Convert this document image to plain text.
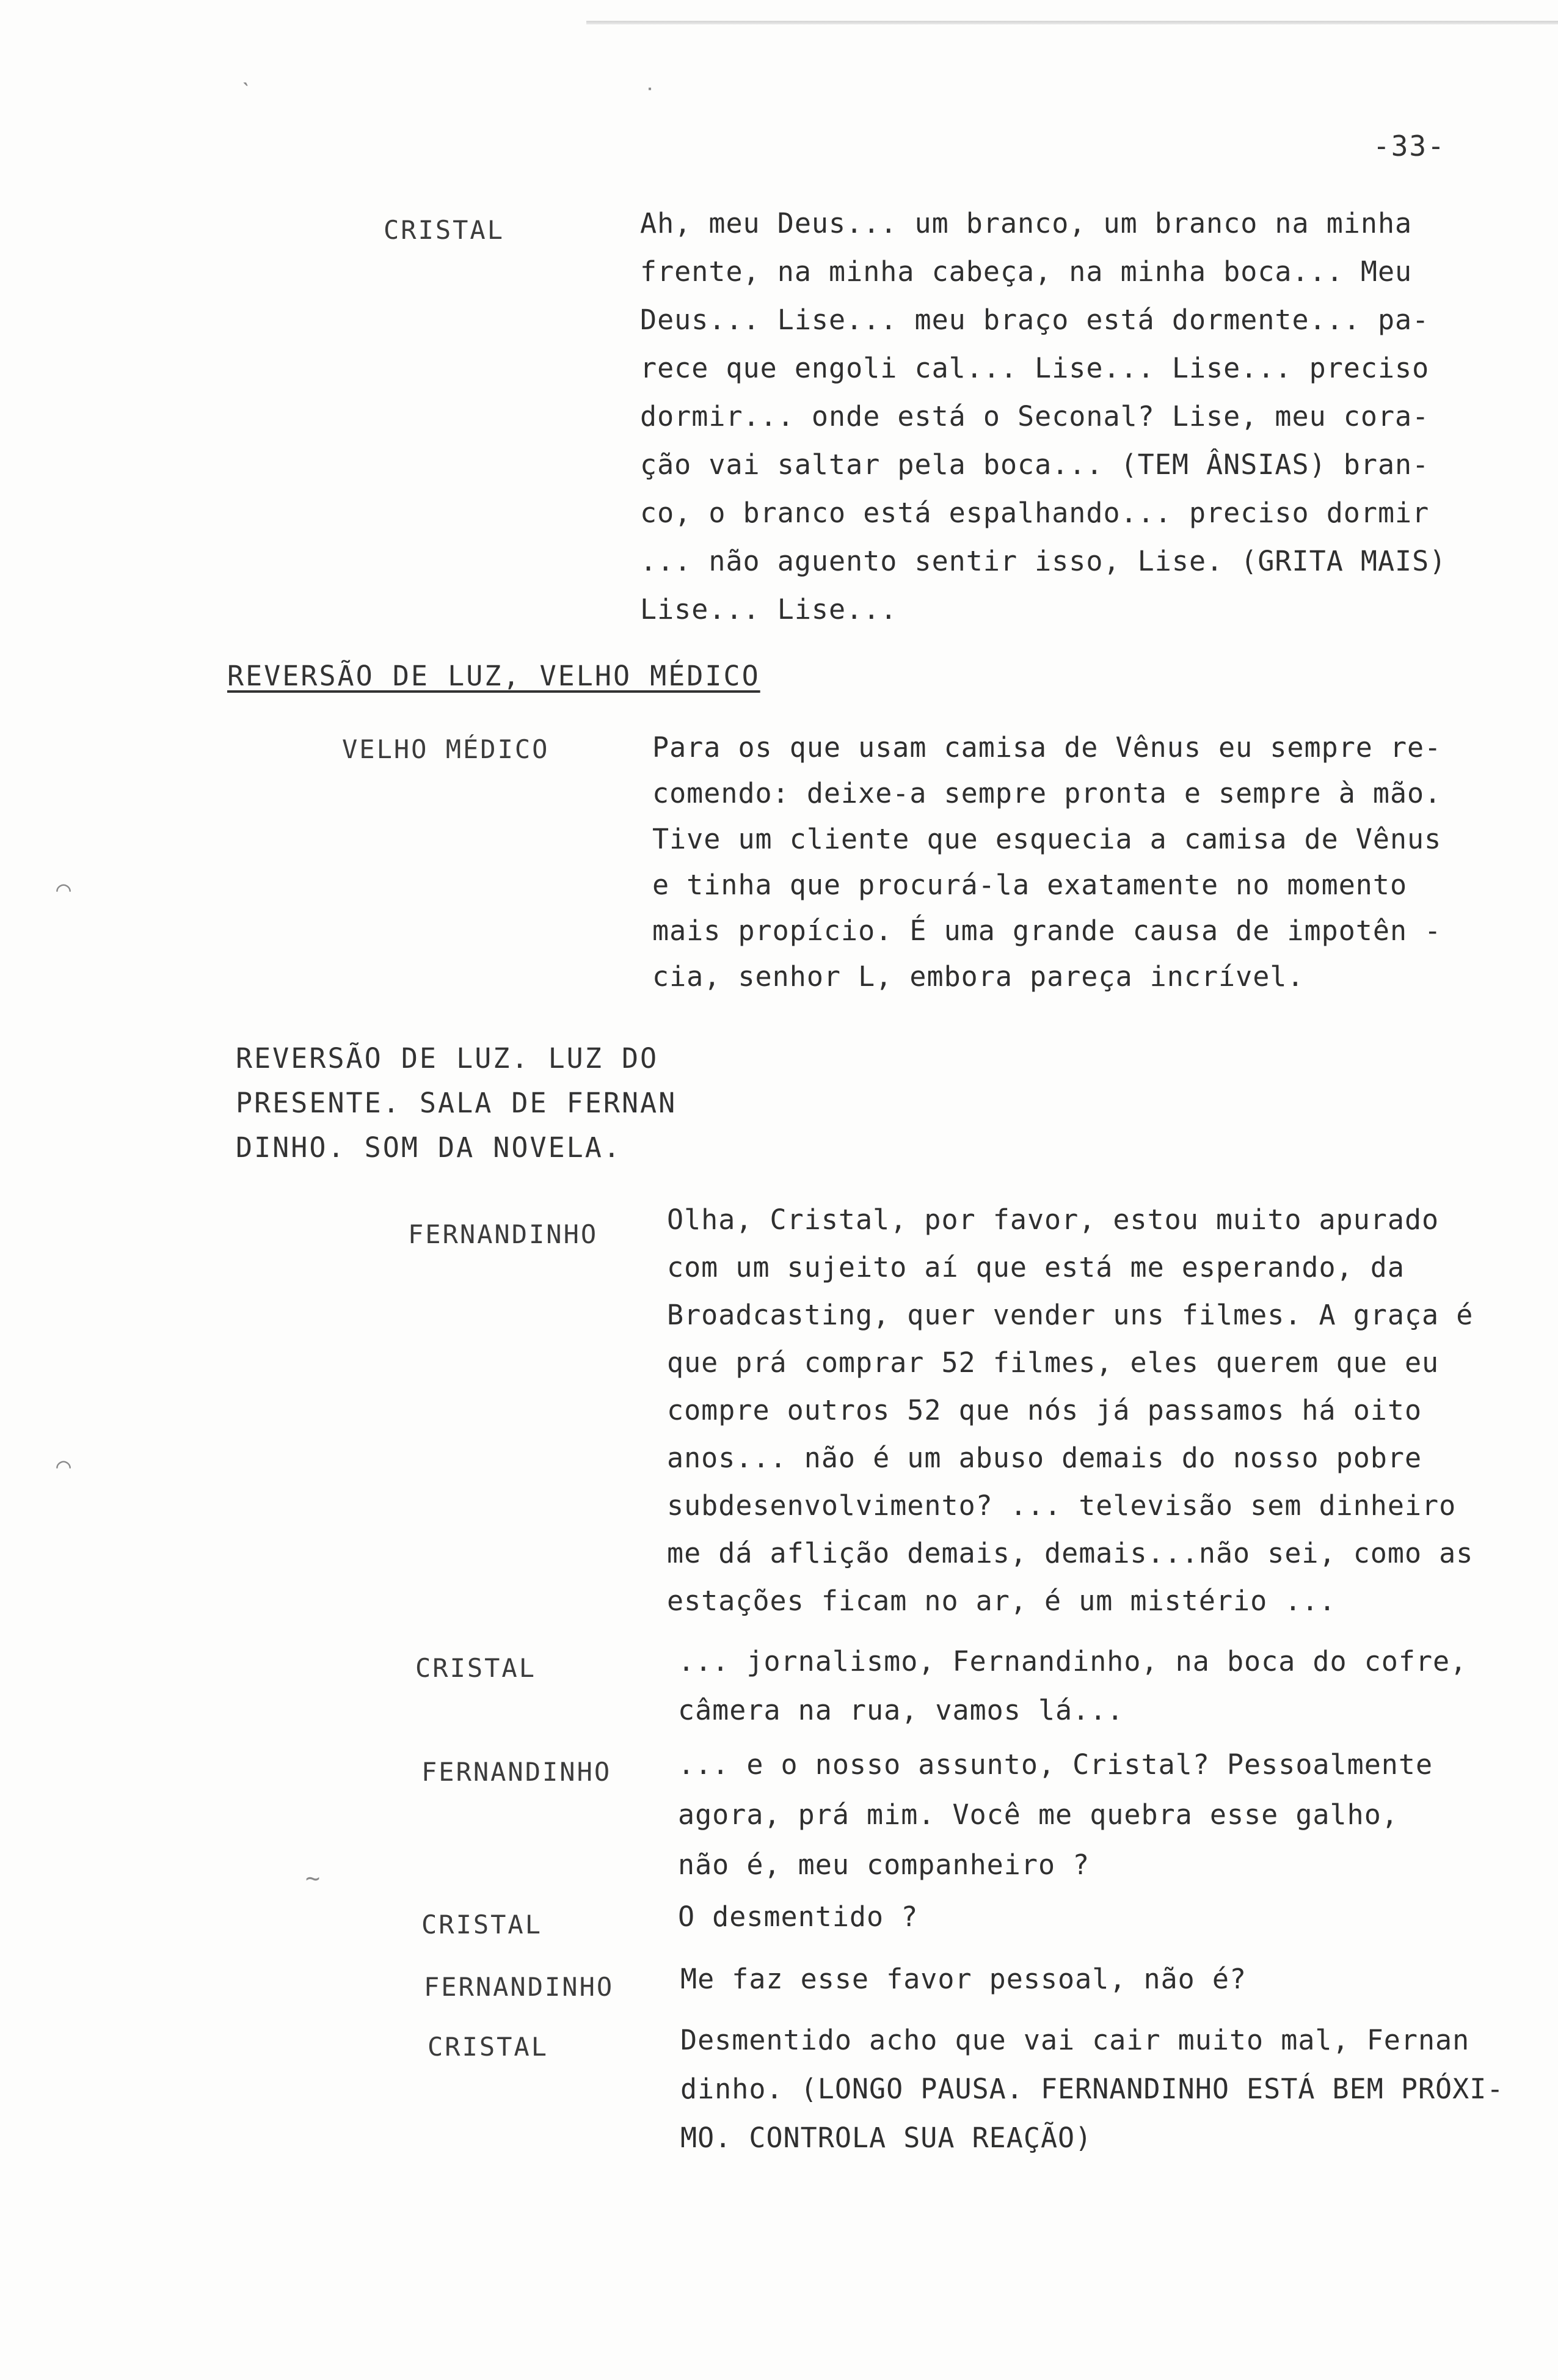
ˋ	˙
⌒
⌒
~
-33-
CRISTAL	Ah, meu Deus... um branco, um branco na minha
frente, na minha cabeça, na minha boca... Meu
Deus... Lise... meu braço está dormente... pa-
rece que engoli cal... Lise... Lise... preciso
dormir... onde está o Seconal? Lise, meu cora-
ção vai saltar pela boca... (TEM ÂNSIAS) bran-
co, o branco está espalhando... preciso dormir
... não aguento sentir isso, Lise. (GRITA MAIS)
Lise... Lise...
REVERSÃO DE LUZ, VELHO MÉDICO
VELHO MÉDICO	Para os que usam camisa de Vênus eu sempre re-
comendo: deixe-a sempre pronta e sempre à mão.
Tive um cliente que esquecia a camisa de Vênus
e tinha que procurá-la exatamente no momento
mais propício. É uma grande causa de impotên -
cia, senhor L, embora pareça incrível.
REVERSÃO DE LUZ. LUZ DO
PRESENTE. SALA DE FERNAN
DINHO. SOM DA NOVELA.
FERNANDINHO	Olha, Cristal, por favor, estou muito apurado
com um sujeito aí que está me esperando, da
Broadcasting, quer vender uns filmes. A graça é
que prá comprar 52 filmes, eles querem que eu
compre outros 52 que nós já passamos há oito
anos... não é um abuso demais do nosso pobre
subdesenvolvimento? ... televisão sem dinheiro
me dá aflição demais, demais...não sei, como as
estações ficam no ar, é um mistério ...
CRISTAL	... jornalismo, Fernandinho, na boca do cofre,
câmera na rua, vamos lá...
FERNANDINHO ... e o nosso assunto, Cristal? Pessoalmente
agora, prá mim. Você me quebra esse galho,
não é, meu companheiro ?
CRISTAL	O desmentido ?
FERNANDINHO Me faz esse favor pessoal, não é?
CRISTAL	Desmentido acho que vai cair muito mal, Fernan
dinho. (LONGO PAUSA. FERNANDINHO ESTÁ BEM PRÓXI-
MO. CONTROLA SUA REAÇÃO)
